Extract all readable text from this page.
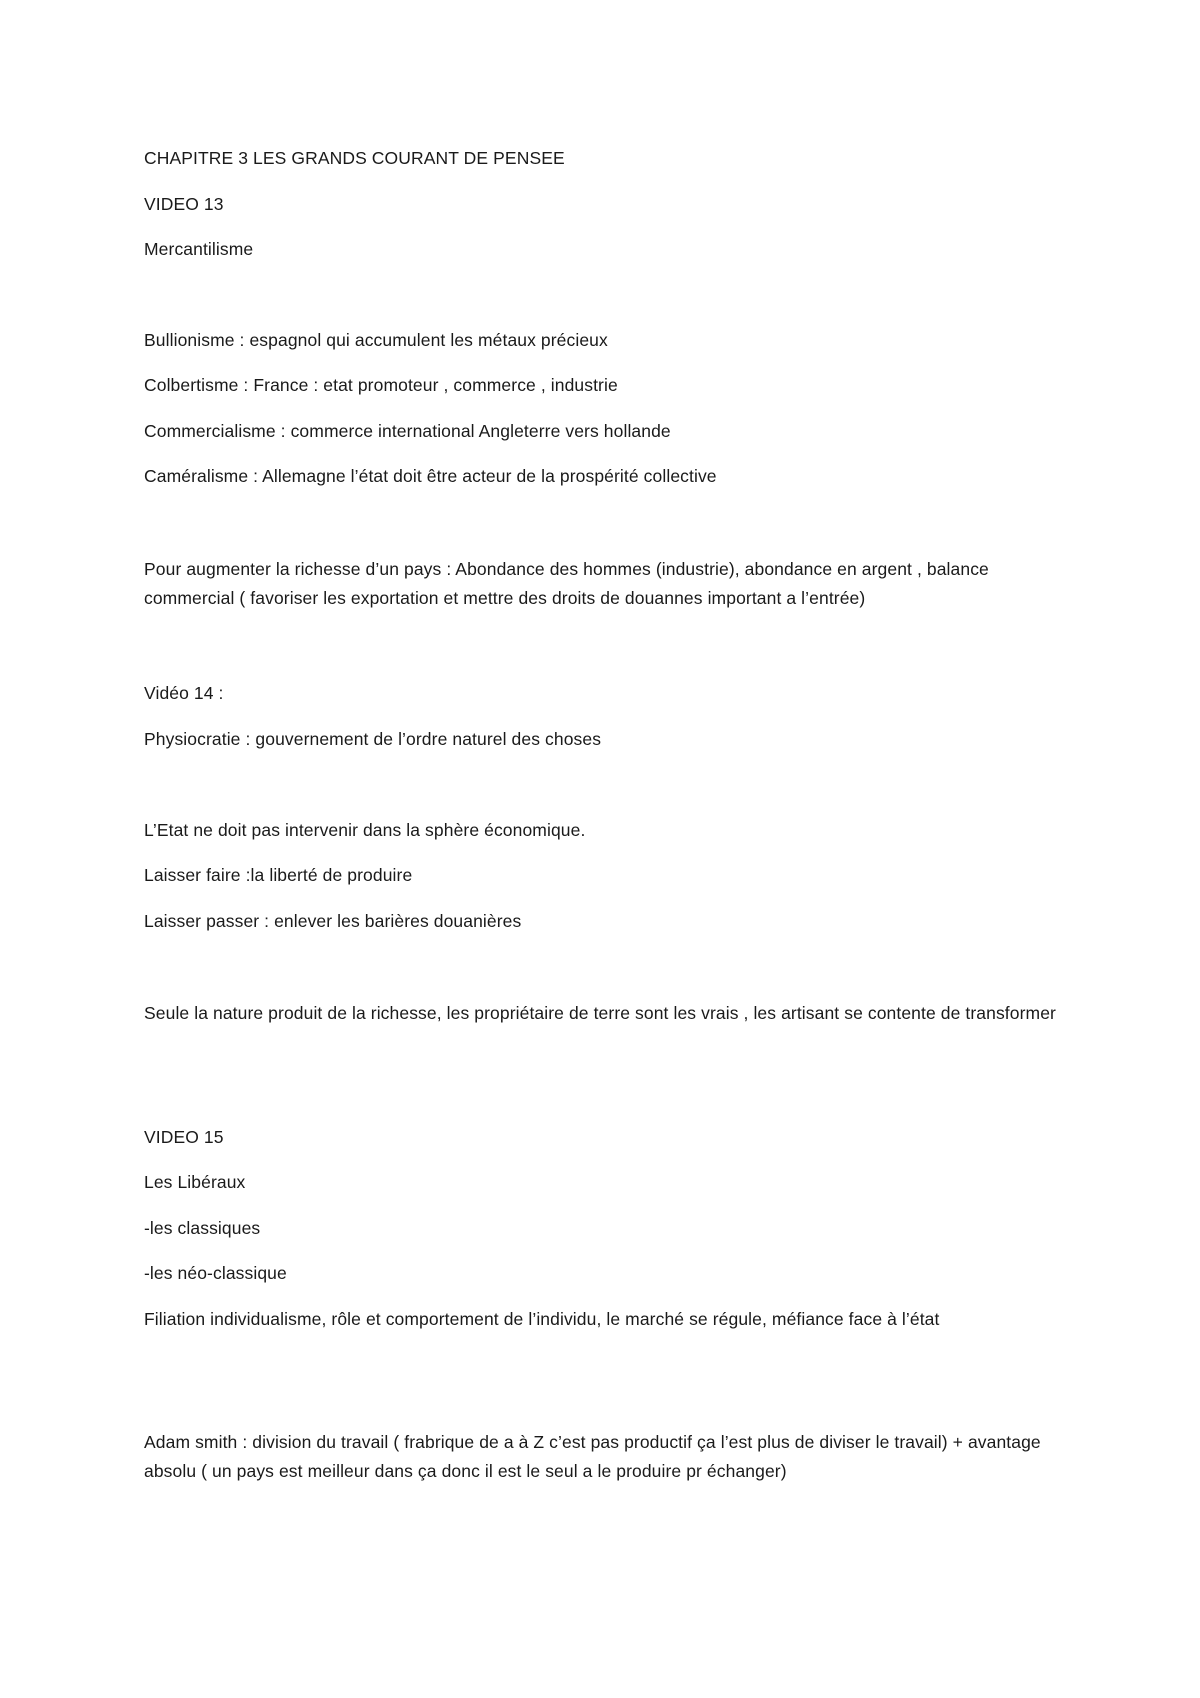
CHAPITRE 3 LES GRANDS COURANT DE PENSEE
VIDEO 13
Mercantilisme
Bullionisme : espagnol qui accumulent les métaux précieux
Colbertisme : France : etat promoteur , commerce , industrie
Commercialisme : commerce international Angleterre vers hollande
Caméralisme : Allemagne l’état doit être acteur de la prospérité collective
Pour augmenter la richesse d’un pays : Abondance des hommes (industrie), abondance en argent , balance commercial ( favoriser les exportation et mettre des droits de douannes important a l’entrée)
Vidéo 14 :
Physiocratie : gouvernement de l’ordre naturel des choses
L’Etat ne doit pas intervenir dans la sphère économique.
Laisser faire :la liberté de produire
Laisser passer : enlever les barières douanières
Seule la nature produit de la richesse, les propriétaire de terre sont les vrais , les artisant se contente de transformer
VIDEO 15
Les Libéraux
-les classiques
-les néo-classique
Filiation individualisme, rôle et comportement de l’individu, le marché se régule, méfiance face à l’état
Adam smith : division du travail ( frabrique de a à Z c’est pas productif ça l’est plus de diviser le travail) + avantage absolu ( un pays est meilleur dans ça donc il est le seul a le produire pr échanger)
